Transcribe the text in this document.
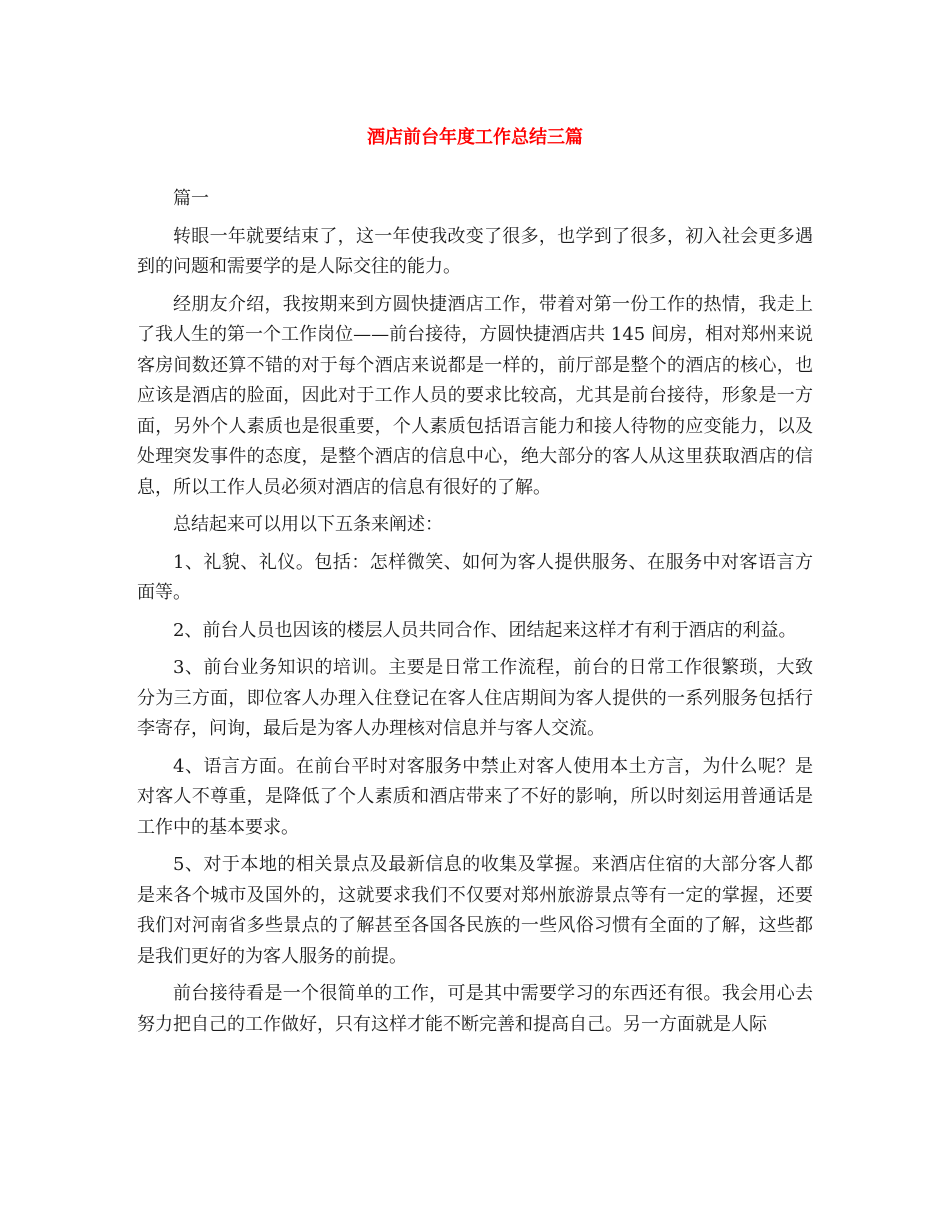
酒店前台年度工作总结三篇

篇一

转眼一年就要结束了，这一年使我改变了很多，也学到了很多，初入社会更多遇到的问题和需要学的是人际交往的能力。

经朋友介绍，我按期来到方圆快捷酒店工作，带着对第一份工作的热情，我走上了我人生的第一个工作岗位——前台接待，方圆快捷酒店共 145 间房，相对郑州来说客房间数还算不错的对于每个酒店来说都是一样的，前厅部是整个的酒店的核心，也应该是酒店的脸面，因此对于工作人员的要求比较高，尤其是前台接待，形象是一方面，另外个人素质也是很重要，个人素质包括语言能力和接人待物的应变能力，以及处理突发事件的态度，是整个酒店的信息中心，绝大部分的客人从这里获取酒店的信息，所以工作人员必须对酒店的信息有很好的了解。

总结起来可以用以下五条来阐述：

1、礼貌、礼仪。包括：怎样微笑、如何为客人提供服务、在服务中对客语言方面等。

2、前台人员也因该的楼层人员共同合作、团结起来这样才有利于酒店的利益。

3、前台业务知识的培训。主要是日常工作流程，前台的日常工作很繁琐，大致分为三方面，即位客人办理入住登记在客人住店期间为客人提供的一系列服务包括行李寄存，问询，最后是为客人办理核对信息并与客人交流。

4、语言方面。在前台平时对客服务中禁止对客人使用本土方言，为什么呢？是对客人不尊重，是降低了个人素质和酒店带来了不好的影响，所以时刻运用普通话是工作中的基本要求。

5、对于本地的相关景点及最新信息的收集及掌握。来酒店住宿的大部分客人都是来各个城市及国外的，这就要求我们不仅要对郑州旅游景点等有一定的掌握，还要我们对河南省多些景点的了解甚至各国各民族的一些风俗习惯有全面的了解，这些都是我们更好的为客人服务的前提。

前台接待看是一个很简单的工作，可是其中需要学习的东西还有很。我会用心去努力把自己的工作做好，只有这样才能不断完善和提高自己。另一方面就是人际
